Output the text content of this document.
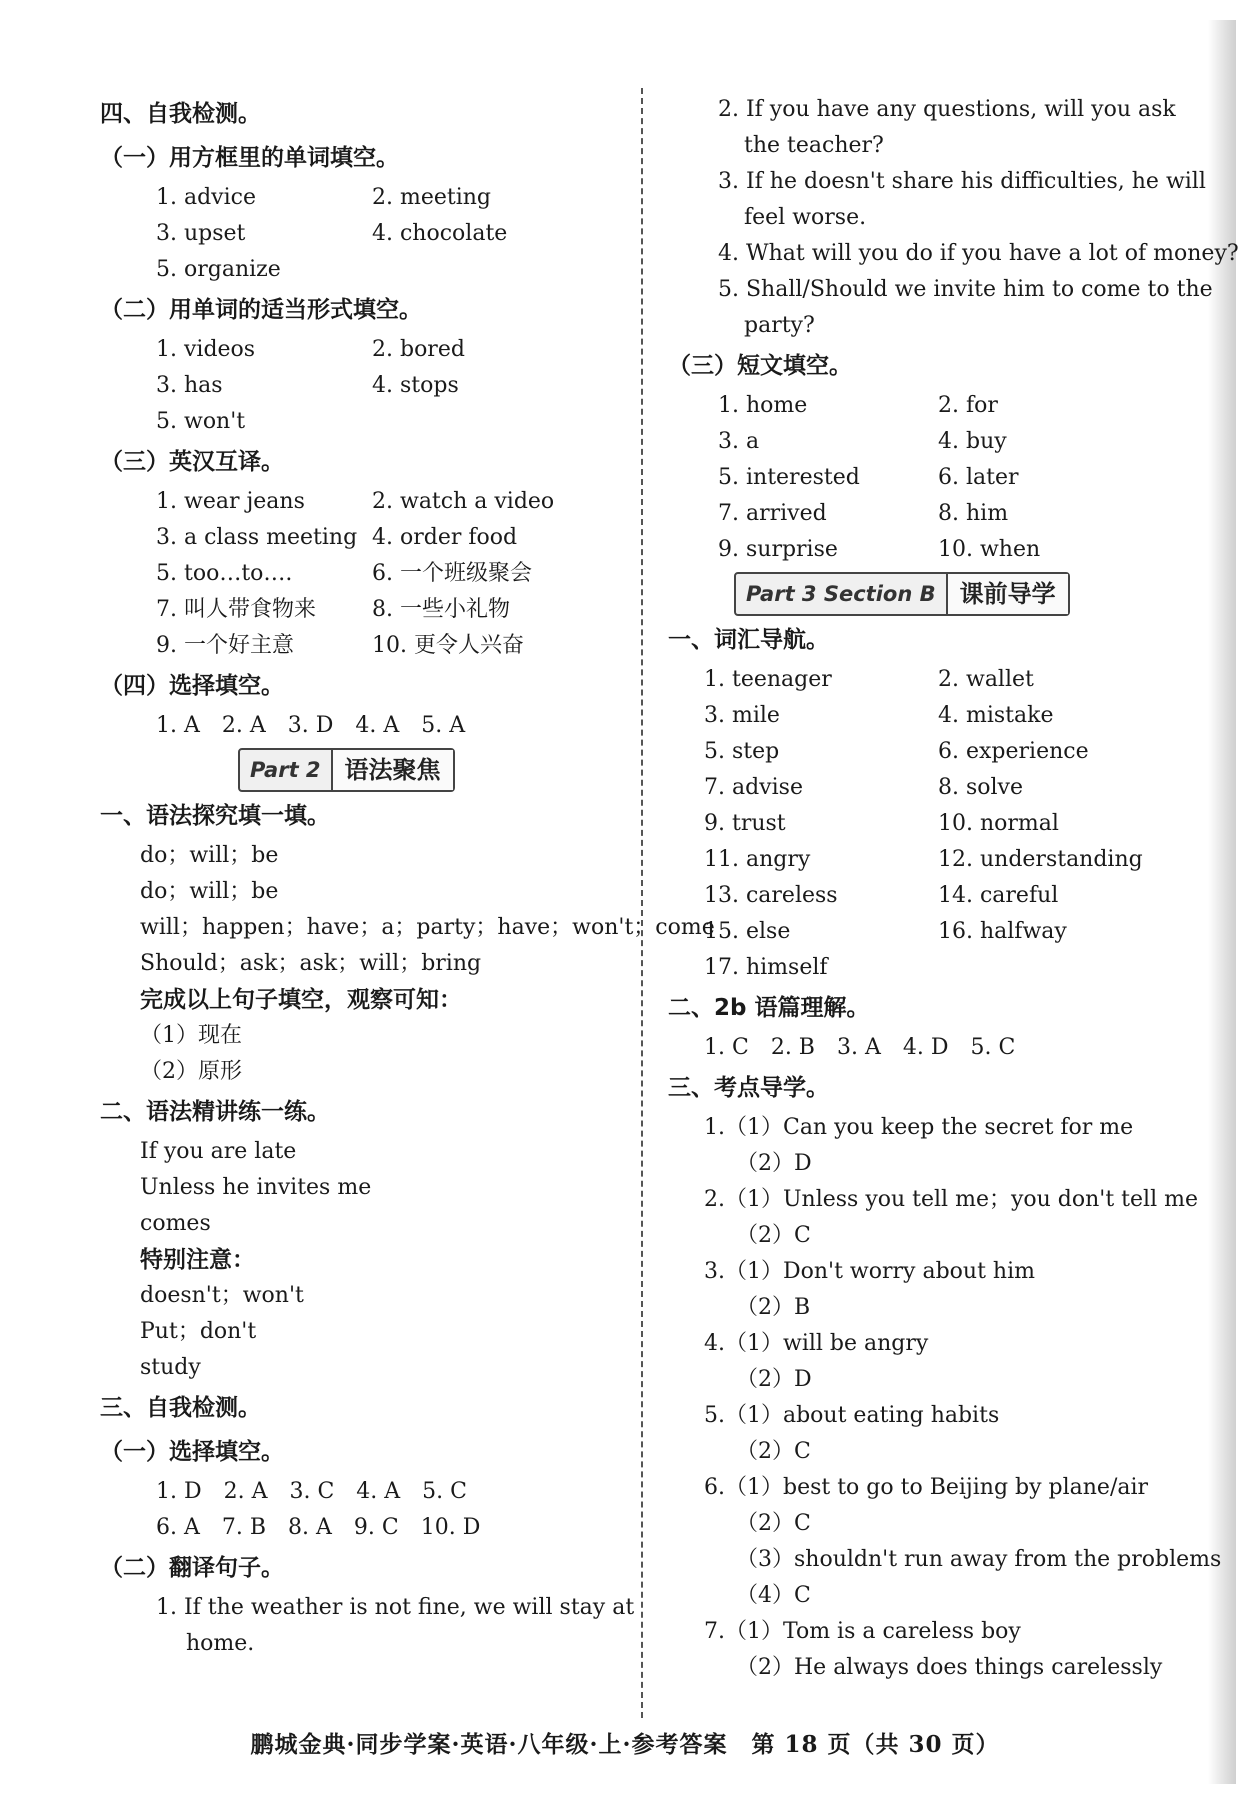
四、自我检测。
（一）用方框里的单词填空。
1. advice	2. meeting
3. upset	4. chocolate
5. organize
（二）用单词的适当形式填空。
1. videos	2. bored
3. has	4. stops
5. won't
（三）英汉互译。
1. wear jeans	2. watch a video
3. a class meeting 4. order food
5. too…to….	6. 一个班级聚会
7. 叫人带食物来	8. 一些小礼物
9. 一个好主意	10. 更令人兴奋
（四）选择填空。
1. A　2. A　3. D　4. A　5. A
Part 2	语法聚焦
一、语法探究填一填。
do；will；be
do；will；be
will；happen；have；a；party；have；won't；come
Should；ask；ask；will；bring
完成以上句子填空，观察可知：
（1）现在
（2）原形
二、语法精讲练一练。
If you are late
Unless he invites me
comes
特别注意：
doesn't；won't
Put；don't
study
三、自我检测。
（一）选择填空。
1. D　2. A　3. C　4. A　5. C
6. A　7. B　8. A　9. C　10. D
（二）翻译句子。
1. If the weather is not fine, we will stay at
home.
2. If you have any questions, will you ask
the teacher?
3. If he doesn't share his difficulties, he will
feel worse.
4. What will you do if you have a lot of money?
5. Shall/Should we invite him to come to the
party?
（三）短文填空。
1. home	2. for
3. a	4. buy
5. interested	6. later
7. arrived	8. him
9. surprise	10. when
Part 3 Section B	课前导学
一、词汇导航。
1. teenager	2. wallet
3. mile	4. mistake
5. step	6. experience
7. advise	8. solve
9. trust	10. normal
11. angry	12. understanding
13. careless	14. careful
15. else	16. halfway
17. himself
二、2b 语篇理解。
1. C　2. B　3. A　4. D　5. C
三、考点导学。
1.（1）Can you keep the secret for me
（2）D
2.（1）Unless you tell me；you don't tell me
（2）C
3.（1）Don't worry about him
（2）B
4.（1）will be angry
（2）D
5.（1）about eating habits
（2）C
6.（1）best to go to Beijing by plane/air
（2）C
（3）shouldn't run away from the problems
（4）C
7.（1）Tom is a careless boy
（2）He always does things carelessly
鹏城金典·同步学案·英语·八年级·上·参考答案　第 18 页（共 30 页）
